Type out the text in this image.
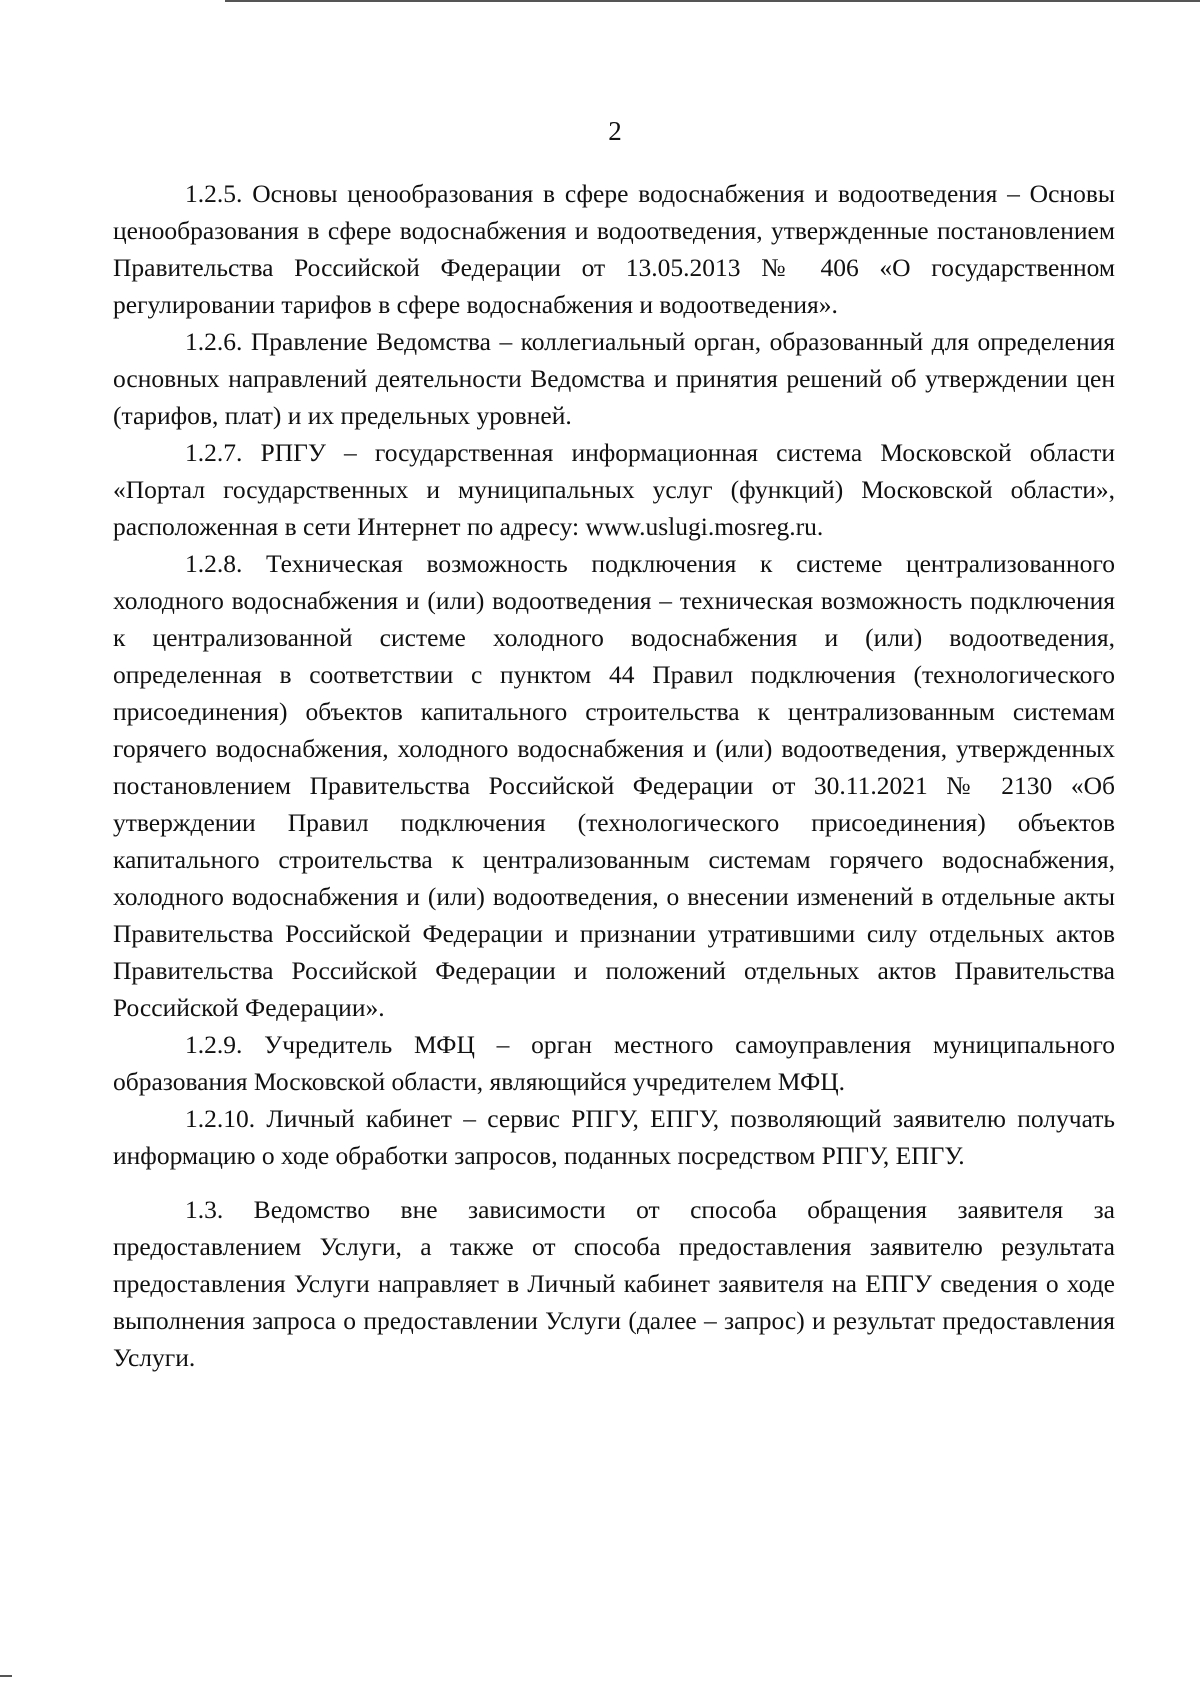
2

1.2.5. Основы ценообразования в сфере водоснабжения и водоотведения – Основы ценообразования в сфере водоснабжения и водоотведения, утвержденные постановлением Правительства Российской Федерации от 13.05.2013 № 406 «О государственном регулировании тарифов в сфере водоснабжения и водоотведения».

1.2.6. Правление Ведомства – коллегиальный орган, образованный для определения основных направлений деятельности Ведомства и принятия решений об утверждении цен (тарифов, плат) и их предельных уровней.

1.2.7. РПГУ – государственная информационная система Московской области «Портал государственных и муниципальных услуг (функций) Московской области», расположенная в сети Интернет по адресу: www.uslugi.mosreg.ru.

1.2.8. Техническая возможность подключения к системе централизованного холодного водоснабжения и (или) водоотведения – техническая возможность подключения к централизованной системе холодного водоснабжения и (или) водоотведения, определенная в соответствии с пунктом 44 Правил подключения (технологического присоединения) объектов капитального строительства к централизованным системам горячего водоснабжения, холодного водоснабжения и (или) водоотведения, утвержденных постановлением Правительства Российской Федерации от 30.11.2021 № 2130 «Об утверждении Правил подключения (технологического присоединения) объектов капитального строительства к централизованным системам горячего водоснабжения, холодного водоснабжения и (или) водоотведения, о внесении изменений в отдельные акты Правительства Российской Федерации и признании утратившими силу отдельных актов Правительства Российской Федерации и положений отдельных актов Правительства Российской Федерации».

1.2.9. Учредитель МФЦ – орган местного самоуправления муниципального образования Московской области, являющийся учредителем МФЦ.

1.2.10. Личный кабинет – сервис РПГУ, ЕПГУ, позволяющий заявителю получать информацию о ходе обработки запросов, поданных посредством РПГУ, ЕПГУ.

1.3. Ведомство вне зависимости от способа обращения заявителя за предоставлением Услуги, а также от способа предоставления заявителю результата предоставления Услуги направляет в Личный кабинет заявителя на ЕПГУ сведения о ходе выполнения запроса о предоставлении Услуги (далее – запрос) и результат предоставления Услуги.
